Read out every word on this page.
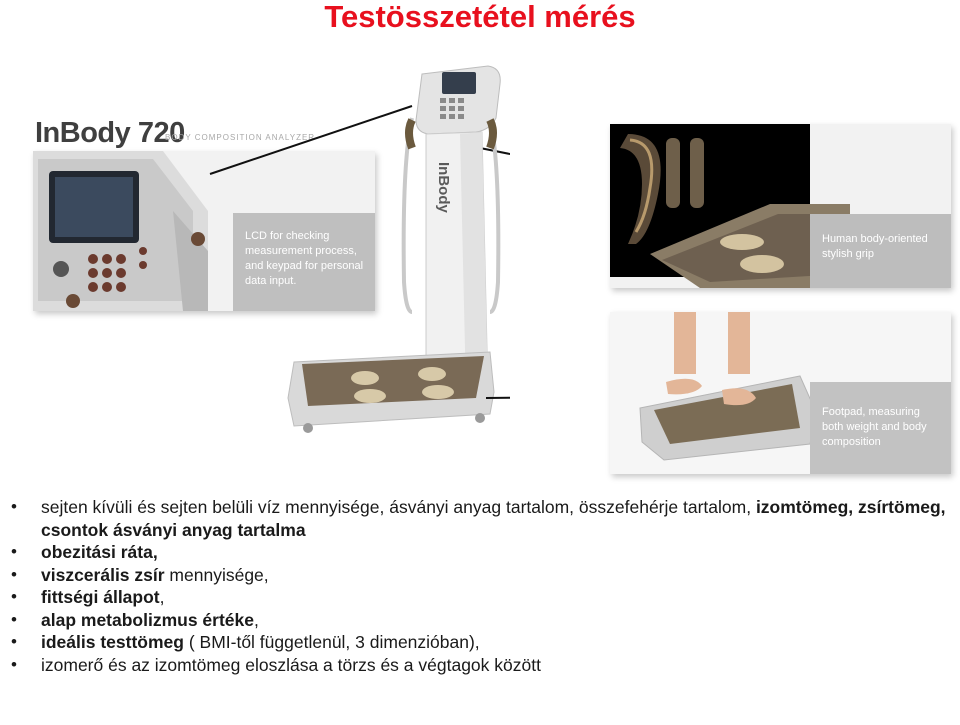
Testösszetétel mérés
LCD for checking
measurement process,
and keypad for personal
data input.
InBody 720
BODY COMPOSITION ANALYZER
InBody
Human body-oriented
stylish grip
Footpad, measuring
both weight and body
composition
• sejten kívüli és sejten belüli víz mennyisége, ásványi anyag tartalom, összefehérje tartalom, izomtömeg, zsírtömeg, csontok ásványi anyag tartalma
• obezitási ráta,
• viszcerális zsír mennyisége,
• fittségi állapot,
• alap metabolizmus értéke,
• ideális testtömeg ( BMI-től függetlenül, 3 dimenzióban),
• izomerő és az izomtömeg eloszlása a törzs és a végtagok között
